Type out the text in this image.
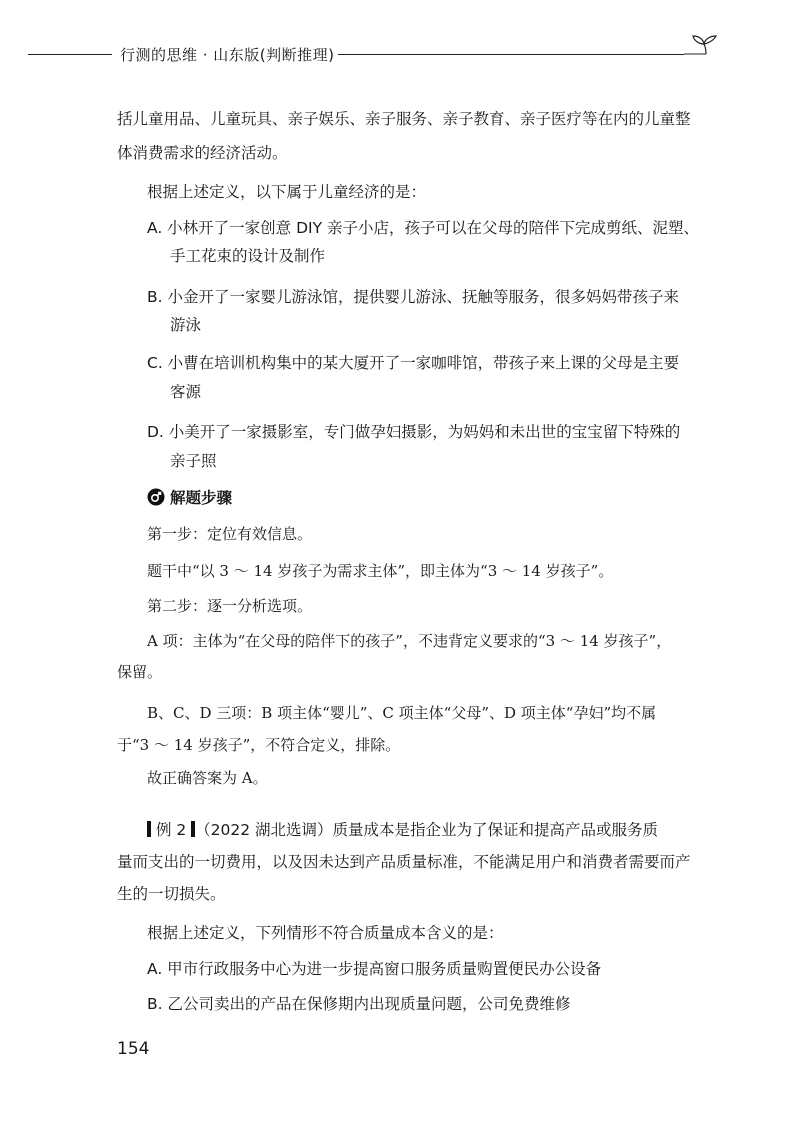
行测的思维 · 山东版(判断推理)
括儿童用品、儿童玩具、亲子娱乐、亲子服务、亲子教育、亲子医疗等在内的儿童整
体消费需求的经济活动。
根据上述定义，以下属于儿童经济的是：
A. 小林开了一家创意 DIY 亲子小店，孩子可以在父母的陪伴下完成剪纸、泥塑、
手工花束的设计及制作
B. 小金开了一家婴儿游泳馆，提供婴儿游泳、抚触等服务，很多妈妈带孩子来
游泳
C. 小曹在培训机构集中的某大厦开了一家咖啡馆，带孩子来上课的父母是主要
客源
D. 小美开了一家摄影室，专门做孕妇摄影，为妈妈和未出世的宝宝留下特殊的
亲子照
解题步骤
第一步：定位有效信息。
题干中“以 3 ～ 14 岁孩子为需求主体”，即主体为“3 ～ 14 岁孩子”。
第二步：逐一分析选项。
A 项：主体为“在父母的陪伴下的孩子”，不违背定义要求的“3 ～ 14 岁孩子”，
保留。
B、C、D 三项：B 项主体“婴儿”、C 项主体“父母”、D 项主体“孕妇”均不属
于“3 ～ 14 岁孩子”，不符合定义，排除。
故正确答案为 A。
例 2 （2022 湖北选调）质量成本是指企业为了保证和提高产品或服务质
量而支出的一切费用，以及因未达到产品质量标准，不能满足用户和消费者需要而产
生的一切损失。
根据上述定义，下列情形不符合质量成本含义的是：
A. 甲市行政服务中心为进一步提高窗口服务质量购置便民办公设备
B. 乙公司卖出的产品在保修期内出现质量问题，公司免费维修
154
